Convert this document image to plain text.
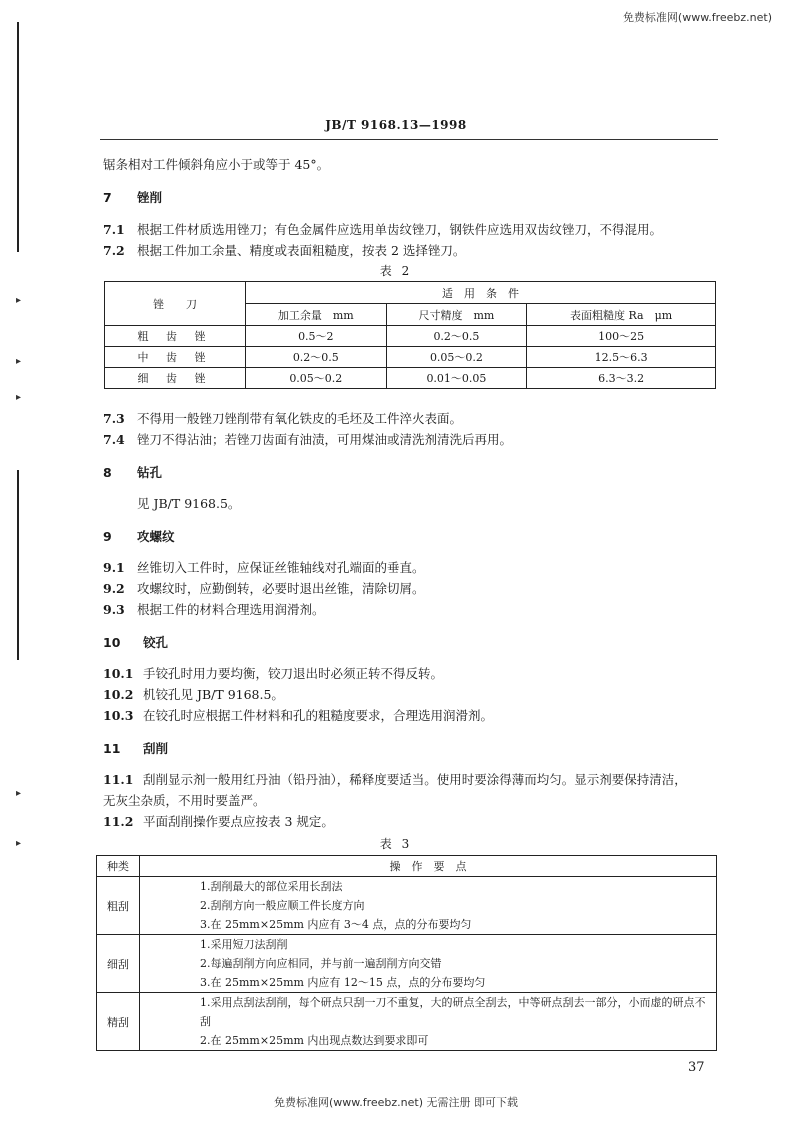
免费标准网(www.freebz.net)
▸
▸
▸
▸
▸
JB/T 9168.13—1998
锯条相对工件倾斜角应小于或等于 45°。
7 锉削
7.1 根据工件材质选用锉刀；有色金属件应选用单齿纹锉刀，钢铁件应选用双齿纹锉刀，不得混用。
7.2 根据工件加工余量、精度或表面粗糙度，按表 2 选择锉刀。
表 2
锉　　刀	适　用　条　件		
	加工余量　mm	尺寸精度　mm	表面粗糙度 Ra　μm
粗 齿 锉	0.5～2	0.2～0.5	100～25
中 齿 锉	0.2～0.5	0.05～0.2	12.5～6.3
细 齿 锉	0.05～0.2	0.01～0.05	6.3～3.2
7.3 不得用一般锉刀锉削带有氧化铁皮的毛坯及工件淬火表面。
7.4 锉刀不得沾油；若锉刀齿面有油渍，可用煤油或清洗剂清洗后再用。
8 钻孔
见 JB/T 9168.5。
9 攻螺纹
9.1 丝锥切入工件时，应保证丝锥轴线对孔端面的垂直。
9.2 攻螺纹时，应勤倒转，必要时退出丝锥，清除切屑。
9.3 根据工件的材料合理选用润滑剂。
10 铰孔
10.1 手铰孔时用力要均衡，铰刀退出时必须正转不得反转。
10.2 机铰孔见 JB/T 9168.5。
10.3 在铰孔时应根据工件材料和孔的粗糙度要求，合理选用润滑剂。
11 刮削
11.1 刮削显示剂一般用红丹油（铅丹油），稀释度要适当。使用时要涂得薄而均匀。显示剂要保持清洁，
无灰尘杂质，不用时要盖严。
11.2 平面刮削操作要点应按表 3 规定。
表 3
种类	操　作　要　点
粗刮	1.刮削最大的部位采用长刮法
2.刮削方向一般应顺工件长度方向
3.在 25mm×25mm 内应有 3～4 点，点的分布要均匀

细刮	1.采用短刀法刮削
2.每遍刮削方向应相同，并与前一遍刮削方向交错
3.在 25mm×25mm 内应有 12～15 点，点的分布要均匀

精刮	1.采用点刮法刮削，每个研点只刮一刀不重复，大的研点全刮去，中等研点刮去一部分，小而虚的研点不刮
2.在 25mm×25mm 内出现点数达到要求即可
37
免费标准网(www.freebz.net) 无需注册 即可下载
